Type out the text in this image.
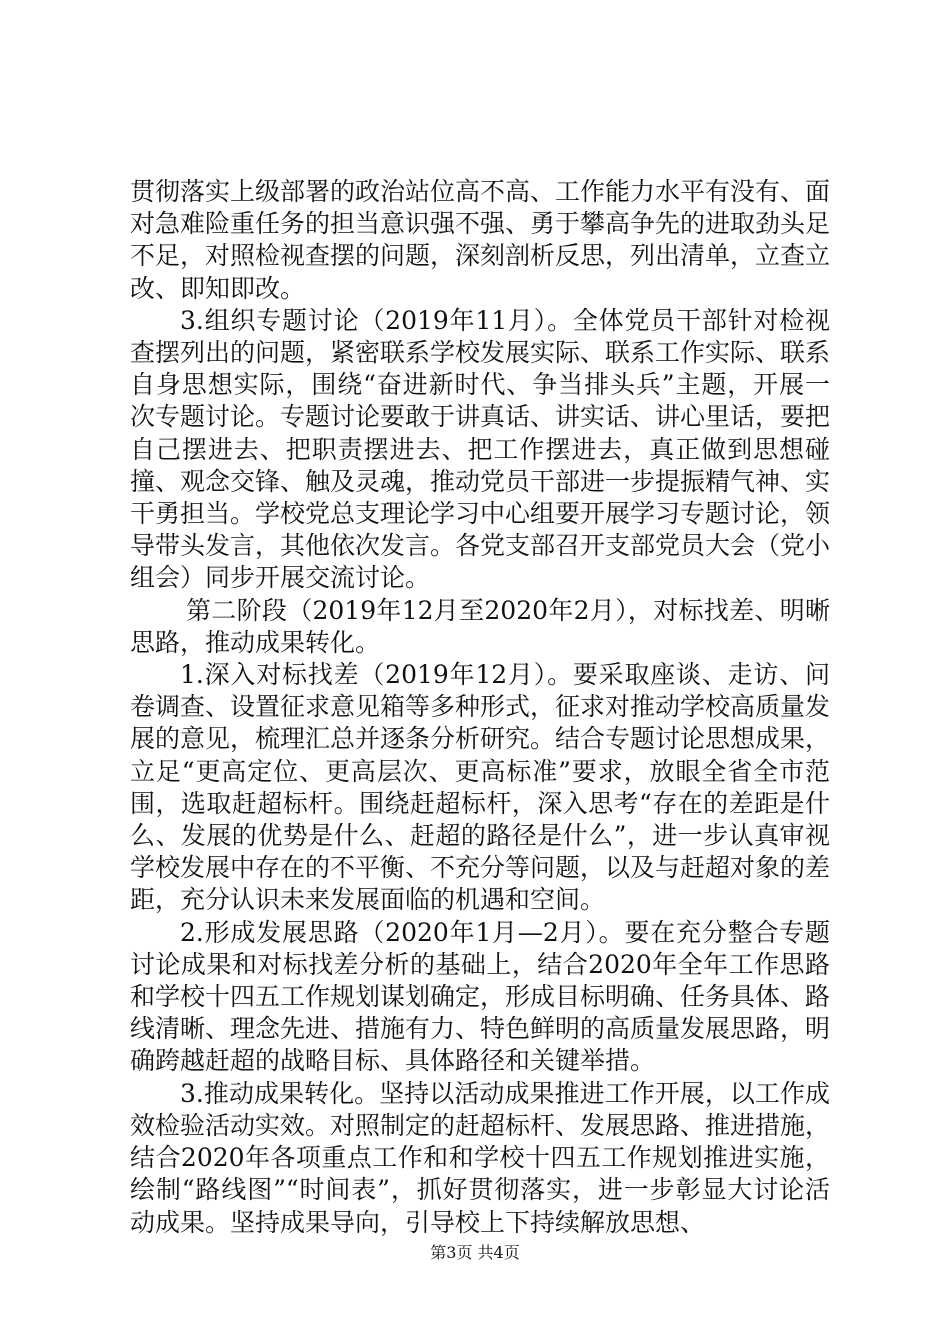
贯彻落实上级部署的政治站位高不高、工作能力水平有没有、面对急难险重任务的担当意识强不强、勇于攀高争先的进取劲头足不足，对照检视查摆的问题，深刻剖析反思，列出清单，立查立改、即知即改。

3.组织专题讨论（2019年11月）。全体党员干部针对检视查摆列出的问题，紧密联系学校发展实际、联系工作实际、联系自身思想实际，围绕“奋进新时代、争当排头兵”主题，开展一次专题讨论。专题讨论要敢于讲真话、讲实话、讲心里话，要把自己摆进去、把职责摆进去、把工作摆进去，真正做到思想碰撞、观念交锋、触及灵魂，推动党员干部进一步提振精气神、实干勇担当。学校党总支理论学习中心组要开展学习专题讨论，领导带头发言，其他依次发言。各党支部召开支部党员大会（党小组会）同步开展交流讨论。

第二阶段（2019年12月至2020年2月），对标找差、明晰思路，推动成果转化。

1.深入对标找差（2019年12月）。要采取座谈、走访、问卷调查、设置征求意见箱等多种形式，征求对推动学校高质量发展的意见，梳理汇总并逐条分析研究。结合专题讨论思想成果，立足“更高定位、更高层次、更高标准”要求，放眼全省全市范围，选取赶超标杆。围绕赶超标杆，深入思考“存在的差距是什么、发展的优势是什么、赶超的路径是什么”，进一步认真审视学校发展中存在的不平衡、不充分等问题，以及与赶超对象的差距，充分认识未来发展面临的机遇和空间。

2.形成发展思路（2020年1月—2月）。要在充分整合专题讨论成果和对标找差分析的基础上，结合2020年全年工作思路和学校十四五工作规划谋划确定，形成目标明确、任务具体、路线清晰、理念先进、措施有力、特色鲜明的高质量发展思路，明确跨越赶超的战略目标、具体路径和关键举措。

3.推动成果转化。坚持以活动成果推进工作开展，以工作成效检验活动实效。对照制定的赶超标杆、发展思路、推进措施，结合2020年各项重点工作和和学校十四五工作规划推进实施，绘制“路线图”“时间表”，抓好贯彻落实，进一步彰显大讨论活动成果。坚持成果导向，引导校上下持续解放思想、

第3页 共4页
